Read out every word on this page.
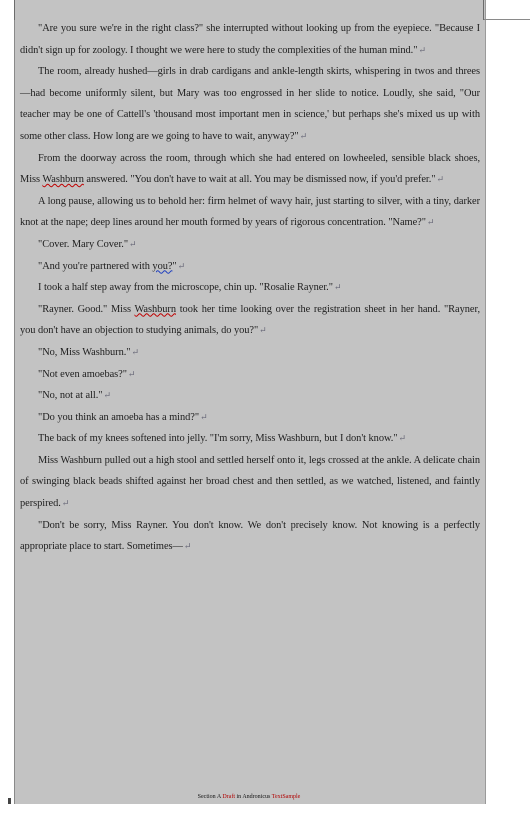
"Are you sure we're in the right class?" she interrupted without looking up from the eyepiece. "Because I didn't sign up for zoology. I thought we were here to study the complexities of the human mind."↵

The room, already hushed—girls in drab cardigans and ankle-length skirts, whispering in twos and threes—had become uniformly silent, but Mary was too engrossed in her slide to notice. Loudly, she said, "Our teacher may be one of Cattell's 'thousand most important men in science,' but perhaps she's mixed us up with some other class. How long are we going to have to wait, anyway?"↵

From the doorway across the room, through which she had entered on lowheeled, sensible black shoes, Miss Washburn answered. "You don't have to wait at all. You may be dismissed now, if you'd prefer."↵

A long pause, allowing us to behold her: firm helmet of wavy hair, just starting to silver, with a tiny, darker knot at the nape; deep lines around her mouth formed by years of rigorous concentration. "Name?"↵

"Cover. Mary Cover."↵

"And you're partnered with you?"↵

I took a half step away from the microscope, chin up. "Rosalie Rayner."↵

"Rayner. Good." Miss Washburn took her time looking over the registration sheet in her hand. "Rayner, you don't have an objection to studying animals, do you?"↵

"No, Miss Washburn."↵

"Not even amoebas?"↵

"No, not at all."↵

"Do you think an amoeba has a mind?"↵

The back of my knees softened into jelly. "I'm sorry, Miss Washburn, but I don't know."↵

Miss Washburn pulled out a high stool and settled herself onto it, legs crossed at the ankle. A delicate chain of swinging black beads shifted against her broad chest and then settled, as we watched, listened, and faintly perspired.↵

"Don't be sorry, Miss Rayner. You don't know. We don't precisely know. Not knowing is a perfectly appropriate place to start. Sometimes—↵

Section A Draft in Andronicus TextSample
